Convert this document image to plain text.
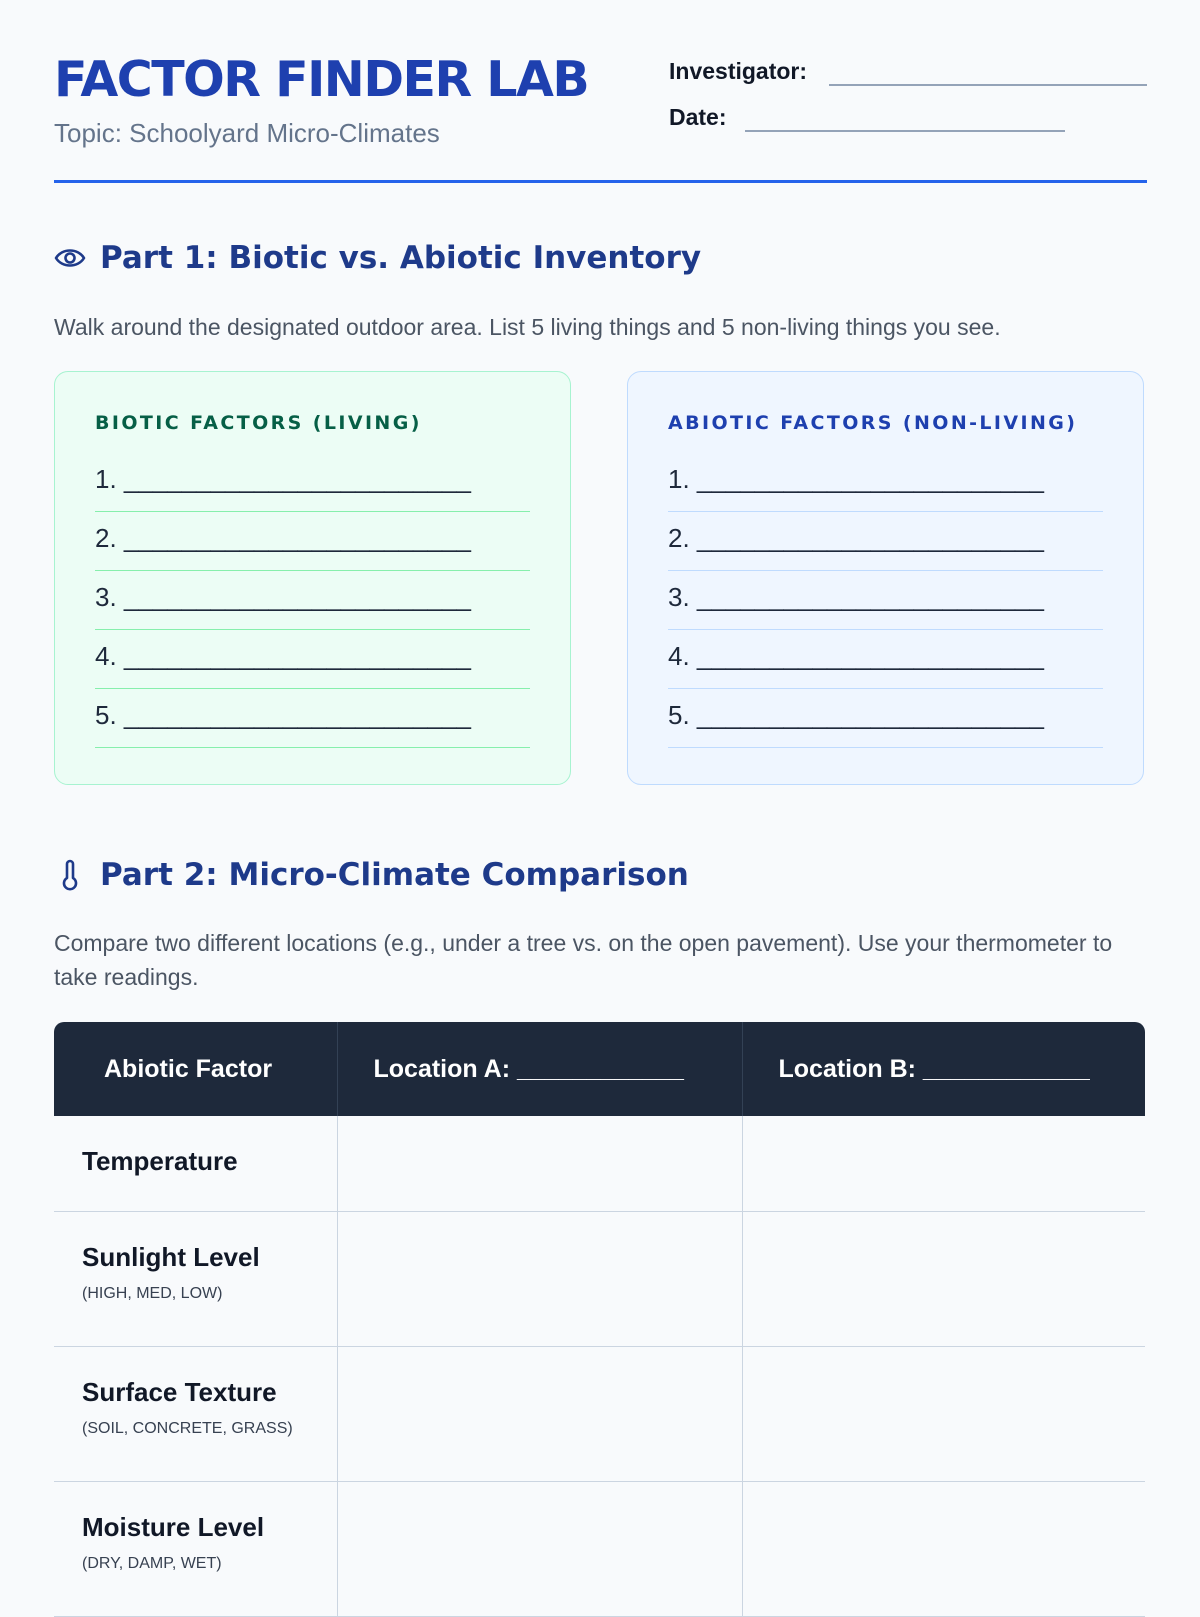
FACTOR FINDER LAB
Topic: Schoolyard Micro-Climates
Investigator:
Date:
Part 1: Biotic vs. Abiotic Inventory
Walk around the designated outdoor area. List 5 living things and 5 non-living things you see.
BIOTIC FACTORS (LIVING)
1. ________________________
2. ________________________
3. ________________________
4. ________________________
5. ________________________
ABIOTIC FACTORS (NON-LIVING)
1. ________________________
2. ________________________
3. ________________________
4. ________________________
5. ________________________
Part 2: Micro-Climate Comparison
Compare two different locations (e.g., under a tree vs. on the open pavement). Use your thermometer to take readings.
Abiotic Factor	Location A: ____________	Location B: ____________

Temperature		

Sunlight Level
(HIGH, MED, LOW)		

Surface Texture
(SOIL, CONCRETE, GRASS)		

Moisture Level
(DRY, DAMP, WET)		
